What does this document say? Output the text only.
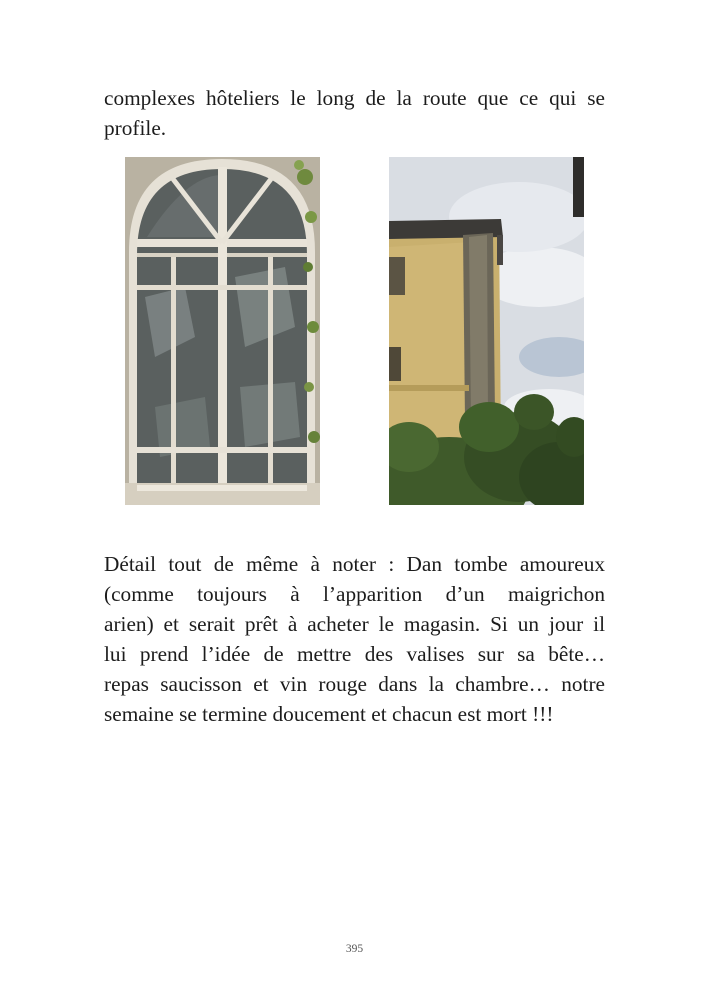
complexes hôteliers le long de la route que ce qui se
profile.

Détail tout de même à noter : Dan tombe amoureux
(comme toujours à l’apparition d’un maigrichon
arien) et serait prêt à acheter le magasin. Si un jour il
lui prend l’idée de mettre des valises sur sa bête…
repas saucisson et vin rouge dans la chambre… notre
semaine se termine doucement et chacun est mort !!!

395
